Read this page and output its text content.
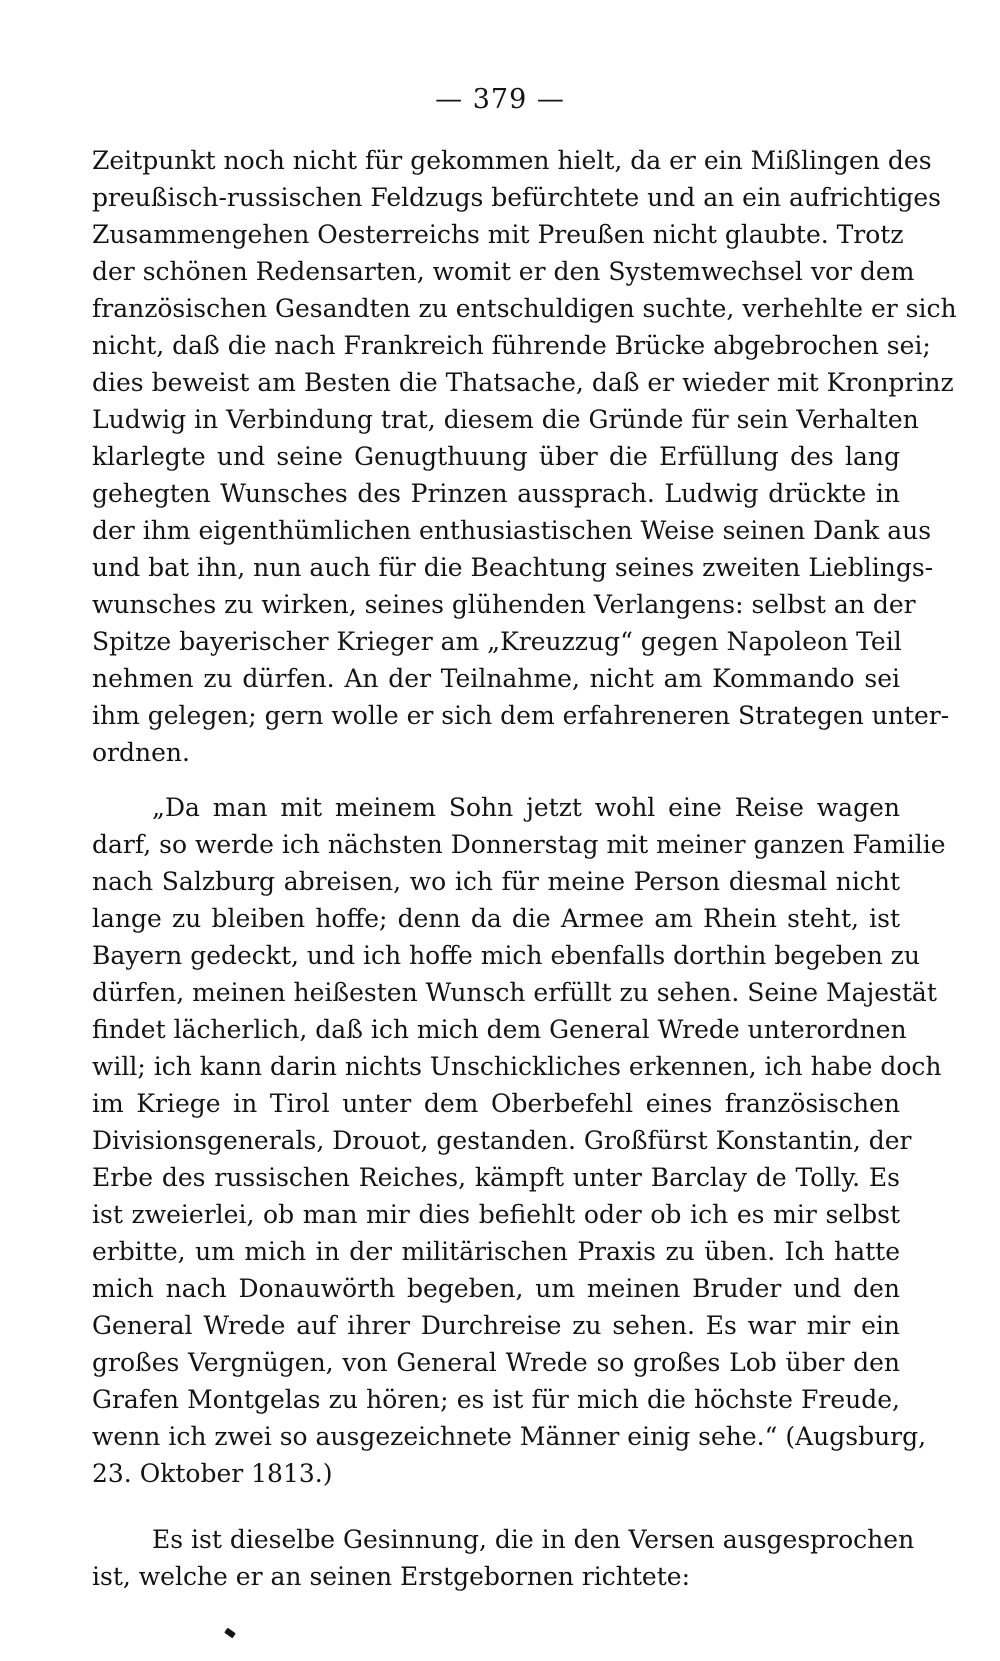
— 379 —
Zeitpunkt noch nicht für gekommen hielt, da er ein Mißlingen des
preußisch-russischen Feldzugs befürchtete und an ein aufrichtiges
Zusammengehen Oesterreichs mit Preußen nicht glaubte. Trotz
der schönen Redensarten, womit er den Systemwechsel vor dem
französischen Gesandten zu entschuldigen suchte, verhehlte er sich
nicht, daß die nach Frankreich führende Brücke abgebrochen sei;
dies beweist am Besten die Thatsache, daß er wieder mit Kronprinz
Ludwig in Verbindung trat, diesem die Gründe für sein Verhalten
klarlegte und seine Genugthuung über die Erfüllung des lang
gehegten Wunsches des Prinzen aussprach. Ludwig drückte in
der ihm eigenthümlichen enthusiastischen Weise seinen Dank aus
und bat ihn, nun auch für die Beachtung seines zweiten Lieblings-
wunsches zu wirken, seines glühenden Verlangens: selbst an der
Spitze bayerischer Krieger am „Kreuzzug“ gegen Napoleon Teil
nehmen zu dürfen. An der Teilnahme, nicht am Kommando sei
ihm gelegen; gern wolle er sich dem erfahreneren Strategen unter-
ordnen.
„Da man mit meinem Sohn jetzt wohl eine Reise wagen
darf, so werde ich nächsten Donnerstag mit meiner ganzen Familie
nach Salzburg abreisen, wo ich für meine Person diesmal nicht
lange zu bleiben hoffe; denn da die Armee am Rhein steht, ist
Bayern gedeckt, und ich hoffe mich ebenfalls dorthin begeben zu
dürfen, meinen heißesten Wunsch erfüllt zu sehen. Seine Majestät
findet lächerlich, daß ich mich dem General Wrede unterordnen
will; ich kann darin nichts Unschickliches erkennen, ich habe doch
im Kriege in Tirol unter dem Oberbefehl eines französischen
Divisionsgenerals, Drouot, gestanden. Großfürst Konstantin, der
Erbe des russischen Reiches, kämpft unter Barclay de Tolly. Es
ist zweierlei, ob man mir dies befiehlt oder ob ich es mir selbst
erbitte, um mich in der militärischen Praxis zu üben. Ich hatte
mich nach Donauwörth begeben, um meinen Bruder und den
General Wrede auf ihrer Durchreise zu sehen. Es war mir ein
großes Vergnügen, von General Wrede so großes Lob über den
Grafen Montgelas zu hören; es ist für mich die höchste Freude,
wenn ich zwei so ausgezeichnete Männer einig sehe.“ (Augsburg,
23. Oktober 1813.)
Es ist dieselbe Gesinnung, die in den Versen ausgesprochen
ist, welche er an seinen Erstgebornen richtete:
